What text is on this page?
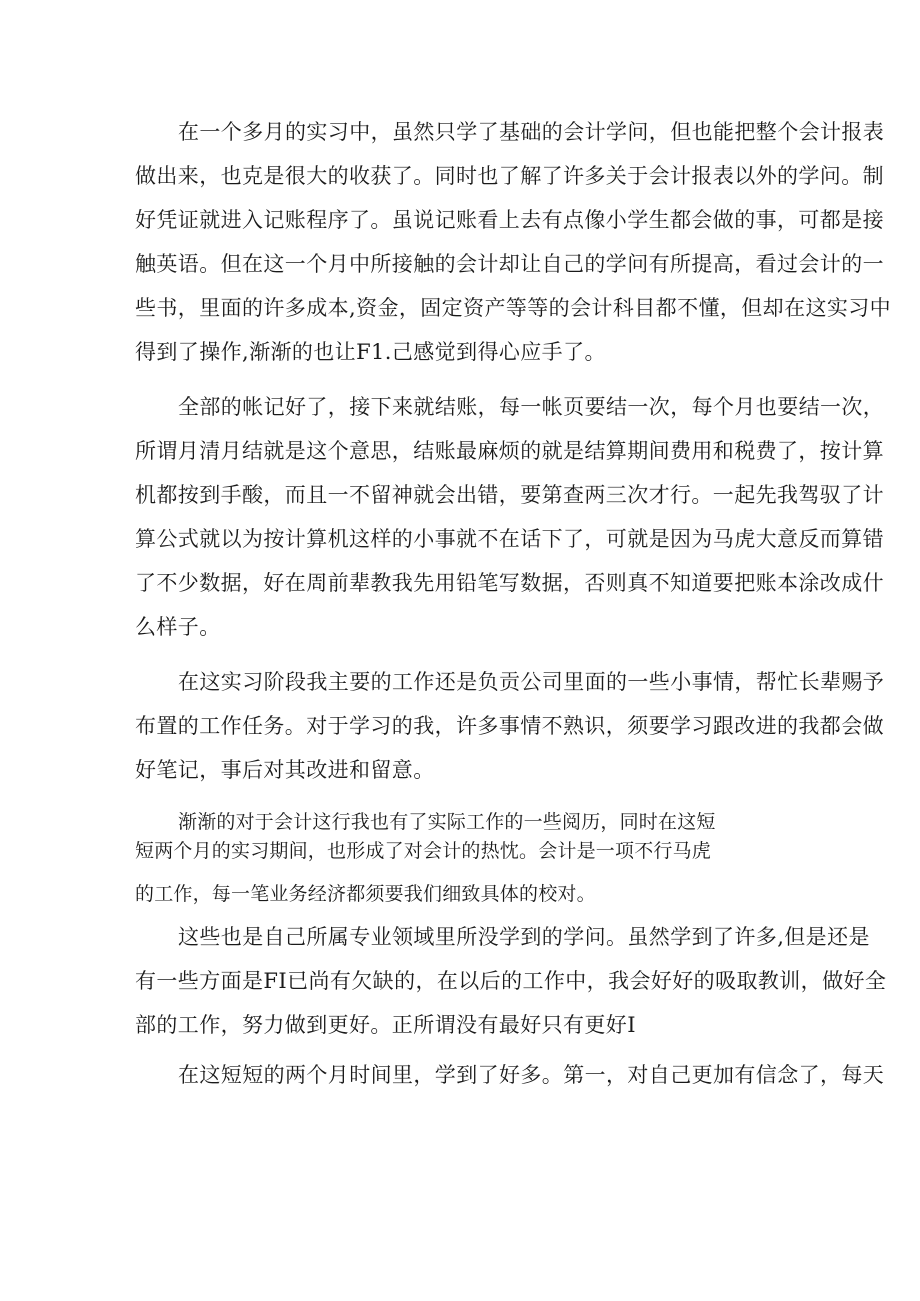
在一个多月的实习中，虽然只学了基础的会计学问，但也能把整个会计报表

做出来，也克是很大的收获了。同时也了解了许多关于会计报表以外的学问。制

好凭证就进入记账程序了。虽说记账看上去有点像小学生都会做的事，可都是接

触英语。但在这一个月中所接触的会计却让自己的学问有所提高，看过会计的一

些书，里面的许多成本,资金，固定资产等等的会计科目都不懂，但却在这实习中

得到了操作,渐渐的也让F1.己感觉到得心应手了。

全部的帐记好了，接下来就结账，每一帐页要结一次，每个月也要结一次，

所谓月清月结就是这个意思，结账最麻烦的就是结算期间费用和税费了，按计算

机都按到手酸，而且一不留神就会出错，要第查两三次才行。一起先我驾驭了计

算公式就以为按计算机这样的小事就不在话下了，可就是因为马虎大意反而算错

了不少数据，好在周前辈教我先用铅笔写数据，否则真不知道要把账本涂改成什

么样子。

在这实习阶段我主要的工作还是负贡公司里面的一些小事情，帮忙长辈赐予

布置的工作任务。对于学习的我，许多事情不熟识，须要学习跟改进的我都会做

好笔记，事后对其改进和留意。

渐渐的对于会计这行我也有了实际工作的一些阅历，同时在这短

短两个月的实习期间，也形成了对会计的热忱。会计是一项不行马虎

的工作，每一笔业务经济都须要我们细致具体的校对。

这些也是自己所属专业领域里所没学到的学问。虽然学到了许多,但是还是

有一些方面是FI已尚有欠缺的，在以后的工作中，我会好好的吸取教训，做好全

部的工作，努力做到更好。正所谓没有最好只有更好I

在这短短的两个月时间里，学到了好多。第一，对自己更加有信念了，每天
